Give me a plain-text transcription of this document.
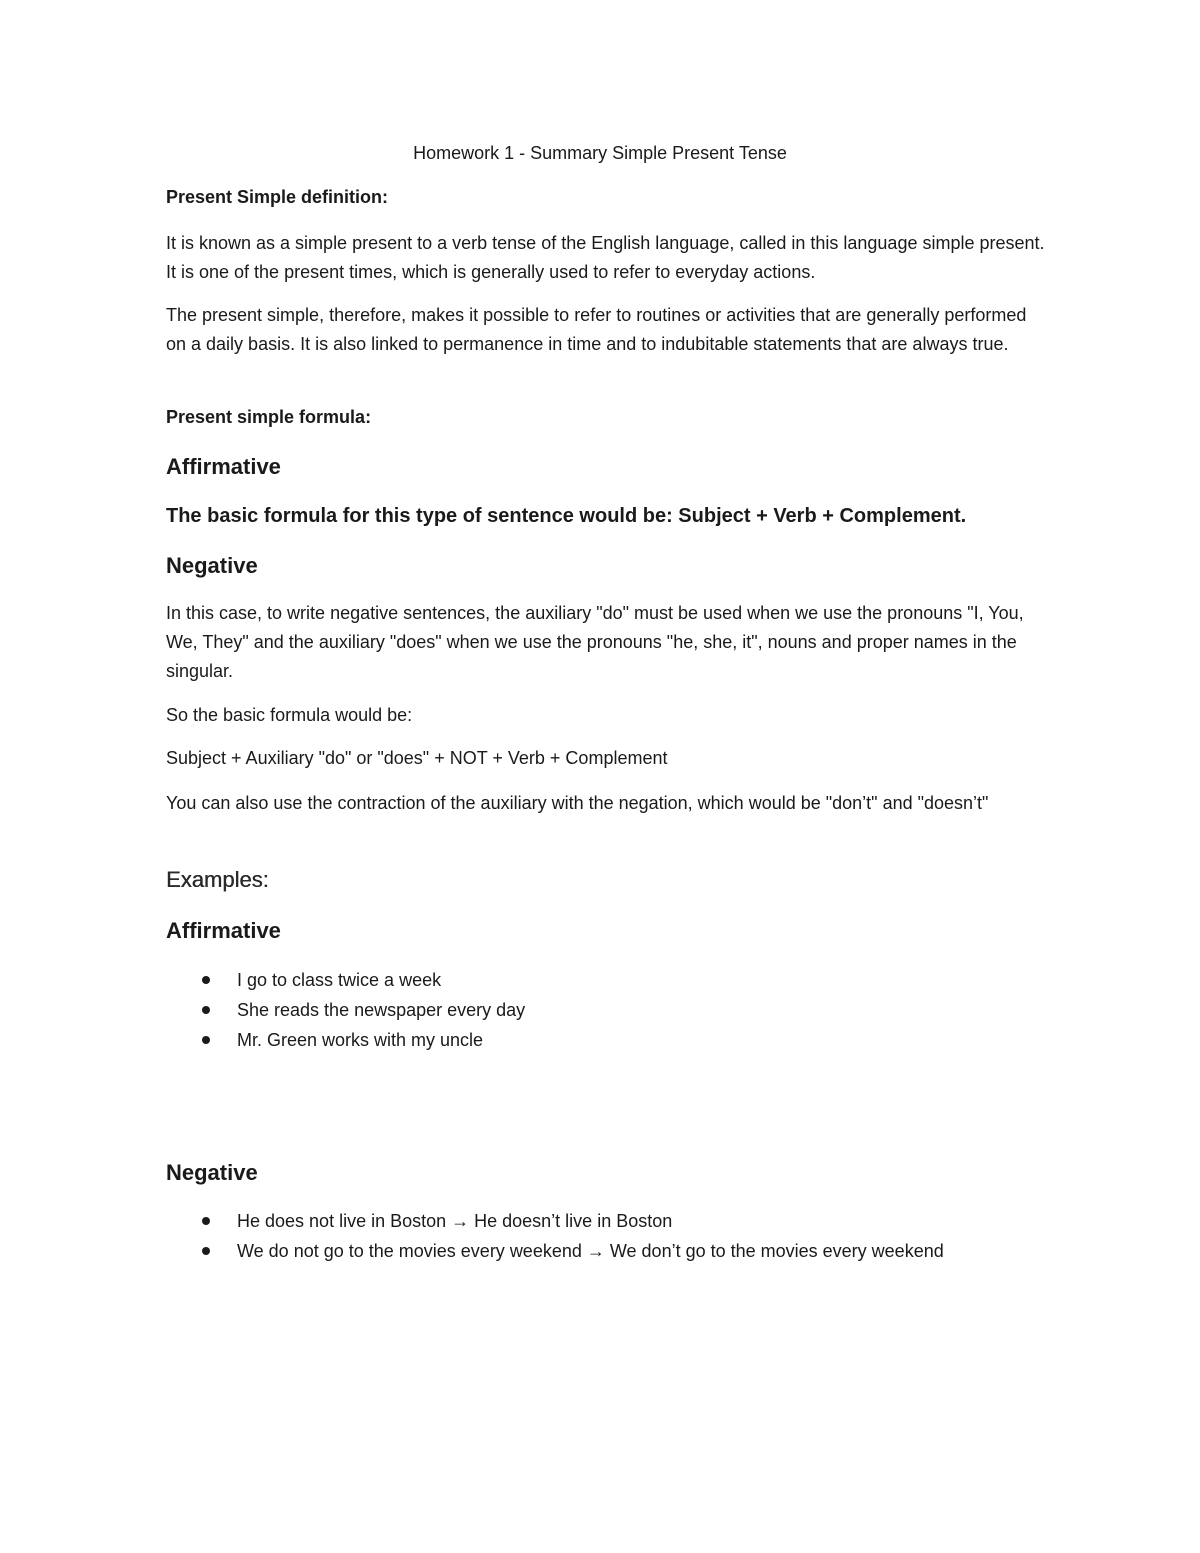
Homework 1 - Summary Simple Present Tense

Present Simple definition:

It is known as a simple present to a verb tense of the English language, called in this language simple present. It is one of the present times, which is generally used to refer to everyday actions.

The present simple, therefore, makes it possible to refer to routines or activities that are generally performed on a daily basis. It is also linked to permanence in time and to indubitable statements that are always true.

Present simple formula:

Affirmative

The basic formula for this type of sentence would be: Subject + Verb + Complement.

Negative

In this case, to write negative sentences, the auxiliary "do" must be used when we use the pronouns "I, You, We, They" and the auxiliary "does" when we use the pronouns "he, she, it", nouns and proper names in the singular.

So the basic formula would be:

Subject + Auxiliary "do" or "does" + NOT + Verb + Complement

You can also use the contraction of the auxiliary with the negation, which would be "don’t" and "doesn’t"

Examples:

Affirmative

I go to class twice a week
She reads the newspaper every day
Mr. Green works with my uncle

Negative

He does not live in Boston → He doesn’t live in Boston
We do not go to the movies every weekend → We don’t go to the movies every weekend
